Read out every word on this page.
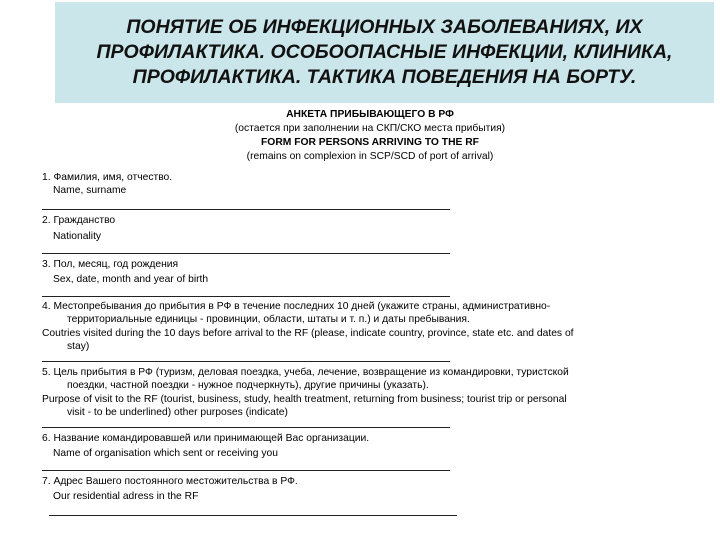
ПОНЯТИЕ ОБ ИНФЕКЦИОННЫХ ЗАБОЛЕВАНИЯХ, ИХ
ПРОФИЛАКТИКА. ОСОБООПАСНЫЕ ИНФЕКЦИИ, КЛИНИКА,
ПРОФИЛАКТИКА. ТАКТИКА ПОВЕДЕНИЯ НА БОРТУ.
АНКЕТА ПРИБЫВАЮЩЕГО В РФ
(остается при заполнении на СКП/СКО места прибытия)
FORM FOR PERSONS ARRIVING TO THE RF
(remains on complexion in SCP/SCD of port of arrival)
1. Фамилия, имя, отчество.
Name, surname
2. Гражданство
Nationality
3. Пол, месяц, год рождения
Sex, date, month and year of birth
4. Местопребывания до прибытия в РФ в течение последних 10 дней (укажите страны, административно-
территориальные единицы - провинции, области, штаты и т. п.) и даты пребывания.
Coutries visited during the 10 days before arrival to the RF (please, indicate country, province, state etc. and dates of
stay)
5. Цель прибытия в РФ (туризм, деловая поездка, учеба, лечение, возвращение из командировки, туристской
поездки, частной поездки - нужное подчеркнуть), другие причины (указать).
Purpose of visit to the RF (tourist, business, study, health treatment, returning from business; tourist trip or personal
visit - to be underlined) other purposes (indicate)
6. Название командировавшей или принимающей Вас организации.
Name of organisation which sent or receiving you
7. Адрес Вашего постоянного местожительства в РФ.
Our residential adress in the RF
